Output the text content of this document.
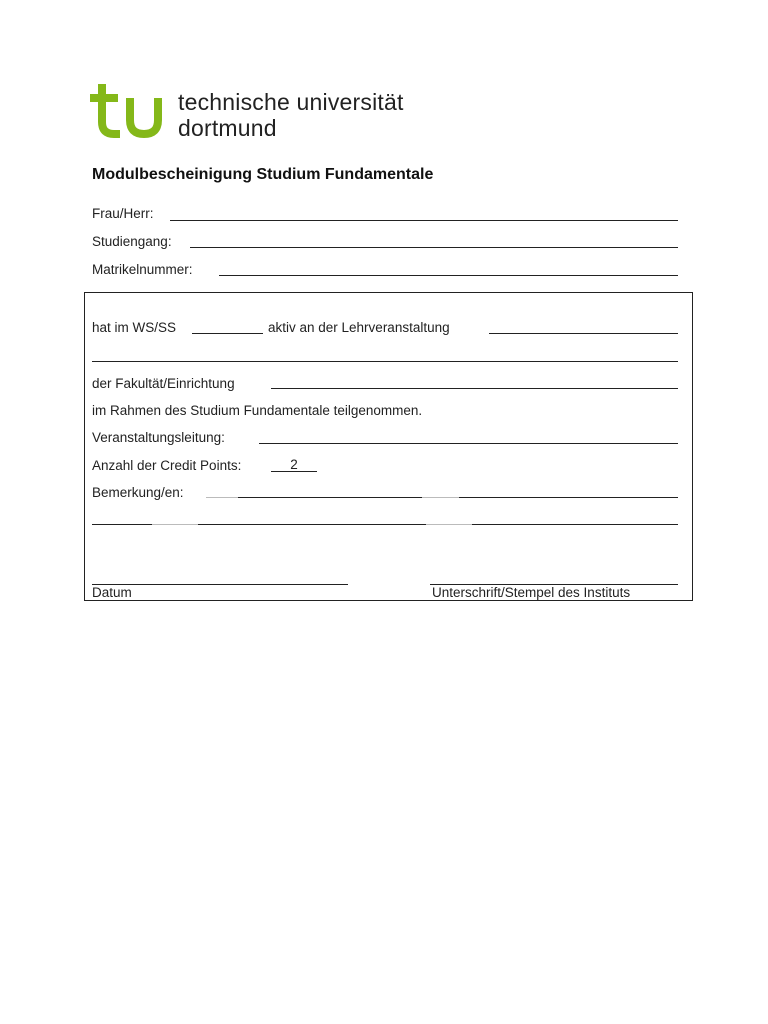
technische universität
dortmund
Modulbescheinigung Studium Fundamentale
Frau/Herr:
Studiengang:
Matrikelnummer:
hat im WS/SS	aktiv an der Lehrveranstaltung
der Fakultät/Einrichtung
im Rahmen des Studium Fundamentale teilgenommen.
Veranstaltungsleitung:
Anzahl der Credit Points:	2
Bemerkung/en:
Datum	Unterschrift/Stempel des Instituts
